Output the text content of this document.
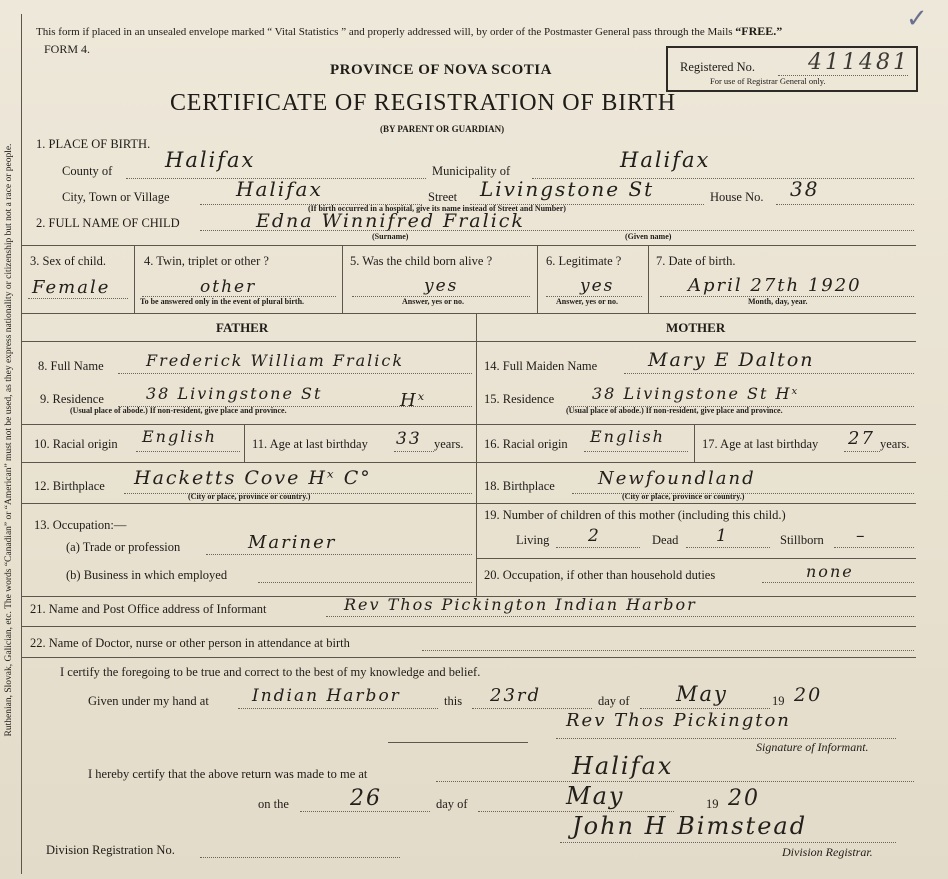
Ruthenian, Slovak, Galician, etc. The words “Canadian” or “American” must not be used, as they express nationality or citizenship but not a race or people.
This form if placed in an unsealed envelope marked “ Vital Statistics ” and properly addressed will, by order of the Postmaster General pass through the Mails “FREE.”	✓
FORM 4.
Registered No. 411481
For use of Registrar General only.
PROVINCE OF NOVA SCOTIA
CERTIFICATE OF REGISTRATION OF BIRTH
(BY PARENT OR GUARDIAN)
1. PLACE OF BIRTH.
County of	Halifax	Municipality of	Halifax
City, Town or Village	Halifax	Street Livingstone St	House No. 38
(If birth occurred in a hospital, give its name instead of Street and Number)
2. FULL NAME OF CHILD	Edna Winnifred Fralick
(Surname)	(Given name)
3. Sex of child.
Female
4. Twin, triplet or other ?
other
To be answered only in the event of plural birth.
5. Was the child born alive ?
yes
Answer, yes or no.
6. Legitimate ?
yes
Answer, yes or no.
7. Date of birth.
April 27th 1920
Month, day, year.
FATHER	MOTHER
8. Full Name	Frederick William Fralick
9. Residence	38 Livingstone St	Hˣ
(Usual place of abode.) If non-resident, give place and province.
10. Racial origin English	11. Age at last birthday 33 years.
12. Birthplace Hacketts Cove Hˣ C°
(City or place, province or country.)
14. Full Maiden Name	Mary E Dalton
15. Residence 38 Livingstone St Hˣ
(Usual place of abode.) If non-resident, give place and province.
16. Racial origin English	17. Age at last birthday 27 years.
18. Birthplace Newfoundland
(City or place, province or country.)
13. Occupation:—
(a) Trade or profession	Mariner
(b) Business in which employed
19. Number of children of this mother (including this child.)
Living 2	Dead 1	Stillborn –
20. Occupation, if other than household duties	none
21. Name and Post Office address of Informant	Rev Thos Pickington Indian Harbor
22. Name of Doctor, nurse or other person in attendance at birth
I certify the foregoing to be true and correct to the best of my knowledge and belief.
Given under my hand at	Indian Harbor	this 23rd	day of May	19 20
Rev Thos Pickington
Signature of Informant.
I hereby certify that the above return was made to me at	Halifax
on the	26	day of	May	19 20
John H Bimstead
Division Registration No.	Division Registrar.
